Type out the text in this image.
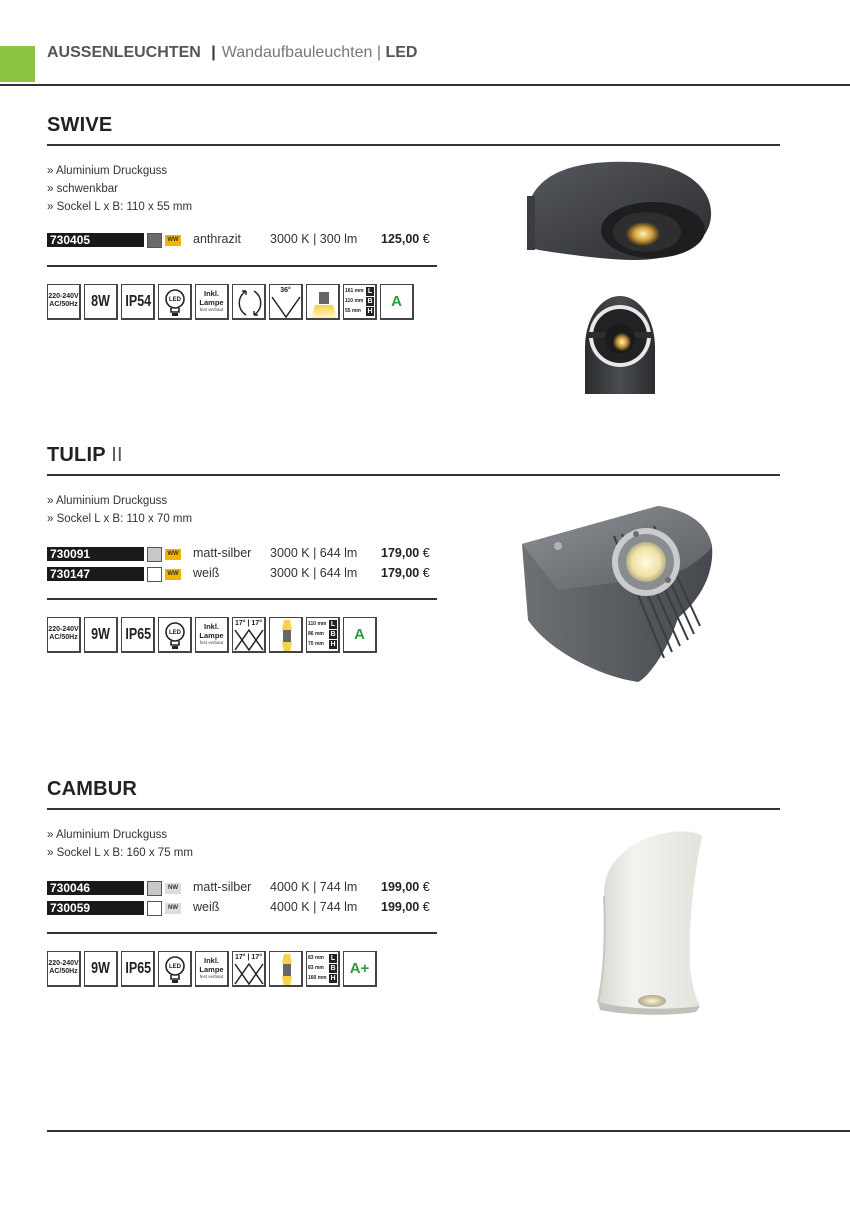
AUSSENLEUCHTEN | Wandaufbauleuchten | LED
SWIVE
» Aluminium Druckguss
» schwenkbar
» Sockel L x B: 110 x 55 mm
730405	WW anthrazit 3000 K | 300 lm 125,00 €
220-240V AC/50Hz 8W IP54	LED
Inkl. Lampe
fest verbaut
36°	161 mm L
110 mm B
55 mm H
A
TULIP II
» Aluminium Druckguss
» Sockel L x B: 110 x 70 mm
730091	WW matt-silber 3000 K | 644 lm 179,00 €
730147	WW weiß	3000 K | 644 lm 179,00 €
220-240V AC/50Hz 9W IP65	LED
Inkl. Lampe
fest verbaut
17° | 17°	110 mm L
86 mm B
70 mm H
A
CAMBUR
» Aluminium Druckguss
» Sockel L x B: 160 x 75 mm
730046	NW matt-silber 4000 K | 744 lm 199,00 €
730059	NW weiß	4000 K | 744 lm 199,00 €
220-240V AC/50Hz 9W IP65	LED
Inkl. Lampe
fest verbaut
17° | 17°	83 mm L
83 mm B
160 mm H
A+
